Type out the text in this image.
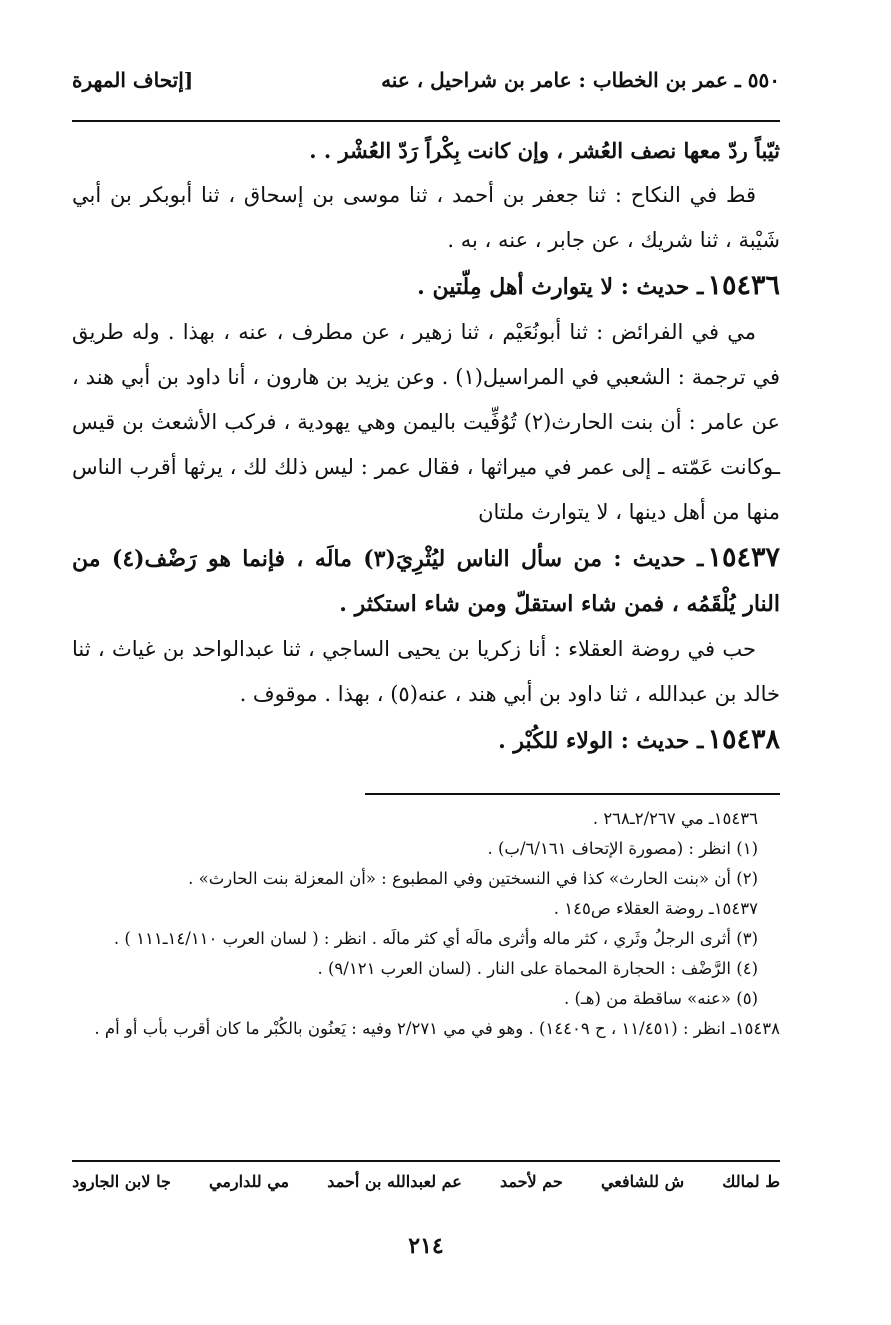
٥٥٠ ـ عمر بن الخطاب : عامر بن شراحيل ، عنه
[إتحاف المهرة

ثيّباً ردّ معها نصف العُشر ، وإن كانت بِكْراً رَدّ العُشْر . .

قط في النكاح : ثنا جعفر بن أحمد ، ثنا موسى بن إسحاق ، ثنا أبوبكر بن أبي شَيْبة ، ثنا شريك ، عن جابر ، عنه ، به .

١٥٤٣٦ـ حديث : لا يتوارث أهل مِلّتين .

مي في الفرائض : ثنا أبونُعَيْم ، ثنا زهير ، عن مطرف ، عنه ، بهذا . وله طريق في ترجمة : الشعبي في المراسيل(١) . وعن يزيد بن هارون ، أنا داود بن أبي هند ، عن عامر : أن بنت الحارث(٢) تُوُفِّيت باليمن وهي يهودية ، فركب الأشعث بن قيس ـوكانت عَمّته ـ إلى عمر في ميراثها ، فقال عمر : ليس ذلك لك ، يرثها أقرب الناس منها من أهل دينها ، لا يتوارث ملتان

١٥٤٣٧ـ حديث : من سأل الناس ليُثْرِيَ(٣) مالَه ، فإنما هو رَضْف(٤) من النار يُلْقَمُه ، فمن شاء استقلّ ومن شاء استكثر .

حب في روضة العقلاء : أنا زكريا بن يحيى الساجي ، ثنا عبدالواحد بن غياث ، ثنا خالد بن عبدالله ، ثنا داود بن أبي هند ، عنه(٥) ، بهذا . موقوف .

١٥٤٣٨ـ حديث : الولاء للكُبْر .

١٥٤٣٦ـ مي ٢/٢٦٧ـ٢٦٨ .

(١) انظر : (مصورة الإتحاف ٦/١٦١/ب) .

(٢) أن «بنت الحارث» كذا في النسختين وفي المطبوع : «أن المعزلة بنت الحارث» .

١٥٤٣٧ـ روضة العقلاء ص١٤٥ .

(٣) أثرى الرجلُ وثَري ، كثر ماله وأثرى مالَه أي كثر مالَه . انظر : ( لسان العرب ١٤/١١٠ـ١١١ ) .

(٤) الرَّضْف : الحجارة المحماة على النار . (لسان العرب ٩/١٢١) .

(٥) «عنه» ساقطة من (هـ) .

١٥٤٣٨ـ انظر : (١١/٤٥١ ، ح ١٤٤٠٩) . وهو في مي ٢/٢٧١ وفيه : يَعنُون بالكُبْر ما كان أقرب بأب أو أم .

ط لمالك
ش للشافعي
حم لأحمد
عم لعبدالله بن أحمد
مي للدارمي
جا لابن الجارود
٢١٤
